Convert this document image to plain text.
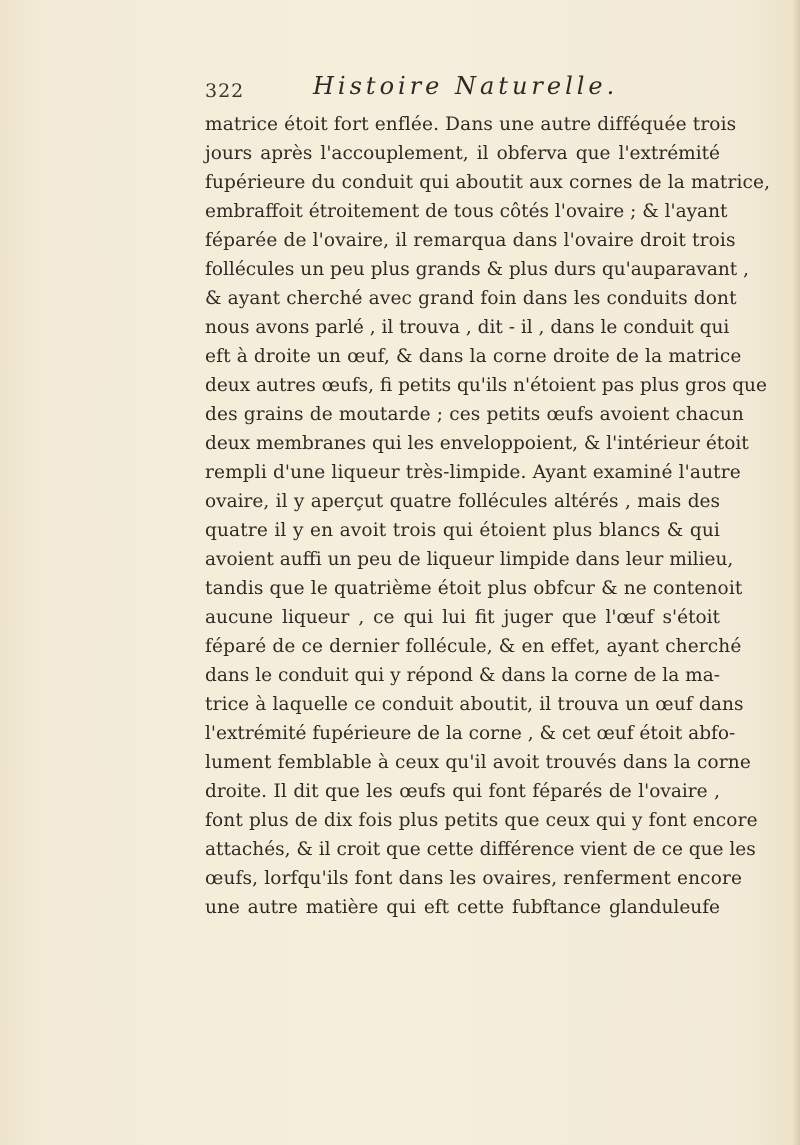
322	Histoire Naturelle.
matrice étoit fort enflée. Dans une autre difféquée trois
jours après l'accouplement, il obferva que l'extrémité
fupérieure du conduit qui aboutit aux cornes de la matrice,
embraffoit étroitement de tous côtés l'ovaire ; & l'ayant
féparée de l'ovaire, il remarqua dans l'ovaire droit trois
follécules un peu plus grands & plus durs qu'auparavant ,
& ayant cherché avec grand foin dans les conduits dont
nous avons parlé , il trouva , dit - il , dans le conduit qui
eft à droite un œuf, & dans la corne droite de la matrice
deux autres œufs, fi petits qu'ils n'étoient pas plus gros que
des grains de moutarde ; ces petits œufs avoient chacun
deux membranes qui les enveloppoient, & l'intérieur étoit
rempli d'une liqueur très-limpide. Ayant examiné l'autre
ovaire, il y aperçut quatre follécules altérés , mais des
quatre il y en avoit trois qui étoient plus blancs & qui
avoient auffi un peu de liqueur limpide dans leur milieu,
tandis que le quatrième étoit plus obfcur & ne contenoit
aucune liqueur , ce qui lui fit juger que l'œuf s'étoit
féparé de ce dernier follécule, & en effet, ayant cherché
dans le conduit qui y répond & dans la corne de la ma-
trice à laquelle ce conduit aboutit, il trouva un œuf dans
l'extrémité fupérieure de la corne , & cet œuf étoit abfo-
lument femblable à ceux qu'il avoit trouvés dans la corne
droite. Il dit que les œufs qui font féparés de l'ovaire ,
font plus de dix fois plus petits que ceux qui y font encore
attachés, & il croit que cette différence vient de ce que les
œufs, lorfqu'ils font dans les ovaires, renferment encore
une autre matière qui eft cette fubftance glanduleufe
